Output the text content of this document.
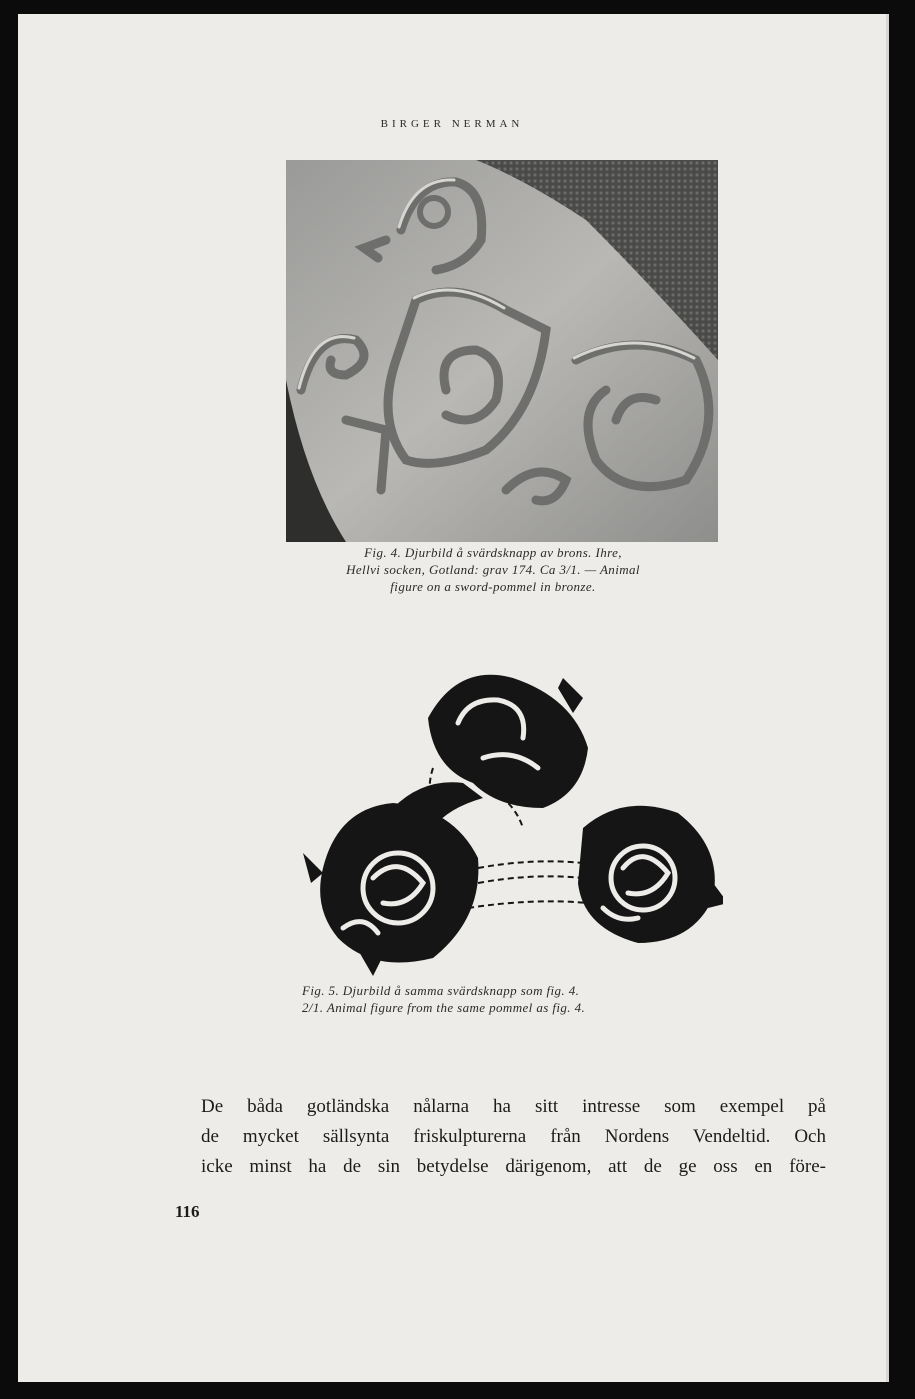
BIRGER NERMAN
Fig. 4. Djurbild å svärdsknapp av brons. Ihre,
Hellvi socken, Gotland: grav 174. Ca 3/1. — Animal
figure on a sword-pommel in bronze.
Fig. 5. Djurbild å samma svärdsknapp som fig. 4.
2/1. Animal figure from the same pommel as fig. 4.
De båda gotländska nålarna ha sitt intresse som exempel på
de mycket sällsynta friskulpturerna från Nordens Vendeltid. Och
icke minst ha de sin betydelse därigenom, att de ge oss en före-
116
